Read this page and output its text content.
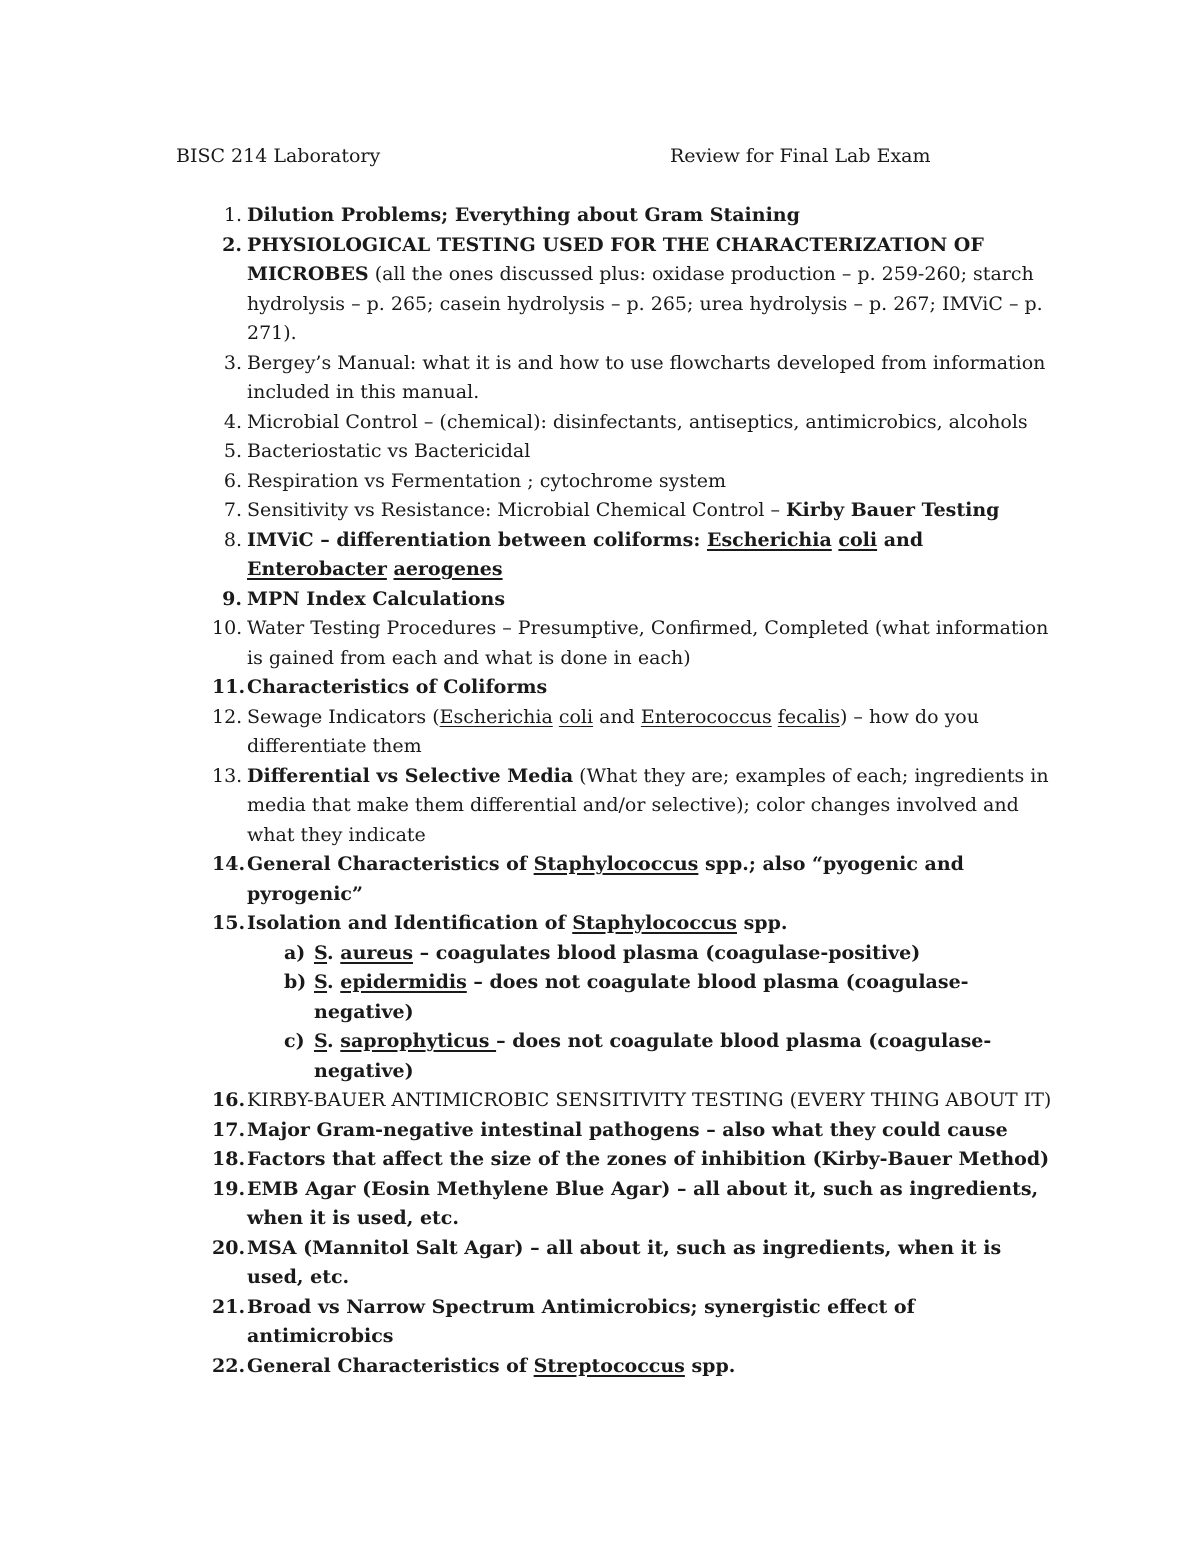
BISC 214 Laboratory	Review for Final Lab Exam
1. Dilution Problems; Everything about Gram Staining
2. PHYSIOLOGICAL TESTING USED FOR THE CHARACTERIZATION OF MICROBES (all the ones discussed plus: oxidase production – p. 259-260; starch hydrolysis – p. 265; casein hydrolysis – p. 265; urea hydrolysis – p. 267; IMViC – p. 271).
3. Bergey’s Manual: what it is and how to use flowcharts developed from information included in this manual.
4. Microbial Control – (chemical): disinfectants, antiseptics, antimicrobics, alcohols
5. Bacteriostatic vs Bactericidal
6. Respiration vs Fermentation ; cytochrome system
7. Sensitivity vs Resistance: Microbial Chemical Control – Kirby Bauer Testing
8. IMViC – differentiation between coliforms: Escherichia coli and Enterobacter aerogenes
9. MPN Index Calculations
10. Water Testing Procedures – Presumptive, Confirmed, Completed (what information is gained from each and what is done in each)
11. Characteristics of Coliforms
12. Sewage Indicators (Escherichia coli and Enterococcus fecalis) – how do you differentiate them
13. Differential vs Selective Media (What they are; examples of each; ingredients in media that make them differential and/or selective); color changes involved and what they indicate
14. General Characteristics of Staphylococcus spp.; also “pyogenic and pyrogenic”
15. Isolation and Identification of Staphylococcus spp.
a) S. aureus – coagulates blood plasma (coagulase-positive)
b) S. epidermidis – does not coagulate blood plasma (coagulase-negative)
c) S. saprophyticus – does not coagulate blood plasma (coagulase-negative)
16. KIRBY-BAUER ANTIMICROBIC SENSITIVITY TESTING (EVERY THING ABOUT IT)
17. Major Gram-negative intestinal pathogens – also what they could cause
18. Factors that affect the size of the zones of inhibition (Kirby-Bauer Method)
19. EMB Agar (Eosin Methylene Blue Agar) – all about it, such as ingredients, when it is used, etc.
20. MSA (Mannitol Salt Agar) – all about it, such as ingredients, when it is used, etc.
21. Broad vs Narrow Spectrum Antimicrobics; synergistic effect of antimicrobics
22. General Characteristics of Streptococcus spp.
